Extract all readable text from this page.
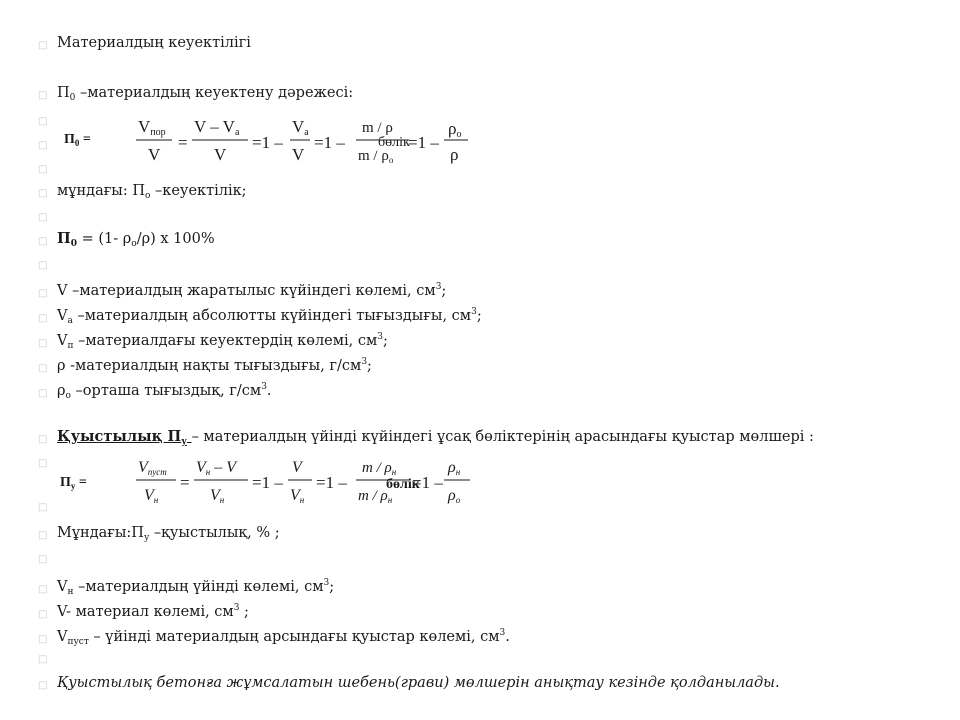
□Материалдың кеуектілігі
$□П_0$ –материалдың кеуектену дәрежесі:
□
□
$П_0$ =
Vпор
V
=
V – Va
V
=1 –
Va
V
=1 –
m / ρ
m / $\rho_о$
бөлік
=1 –
ρо
ρ
□
□мұндағы: $П_о$ –кеуектілік;
□
$□П_0 = (1-$ $\rho_о/\rho$) х 100%
□
□V –материалдың жаратылыс күйіндегі көлемі, $см^3$;
$□V_a$ –материалдың абсолютты күйіндегі тығыздығы, $см^3$;
$□V_п$ –материалдағы кеуектердің көлемі, $см^3$;
□ρ -материалдың нақты тығыздығы, $г/см^3$;
$□\rho_о$ –орташа тығыздық, $г/см^3$.
□Қуыстылық $П_у$ – материалдың үйінді күйіндегі ұсақ бөліктерінің арасындағы қуыстар мөлшері :
□
□
$П_у$ =
Vпуст
Vн
=
Vн – V
Vн
=1 –
V
Vн
=1 –
m / $\rho_н$
m / $\rho_н$
бөлік
=1 –
ρн
ρо
$□Мұндағы:П_у$ –қуыстылық, % ;
□
$□V_н$ –материалдың үйінді көлемі, $см^3$;
□V- материал көлемі, $см^3$ ;
$□V_{пуст}$ – үйінді материалдың арсындағы қуыстар көлемі, $см^3$.
□
□Қуыстылық бетонға жұмсалатын шебень(грави) мөлшерін анықтау кезінде қолданылады.
